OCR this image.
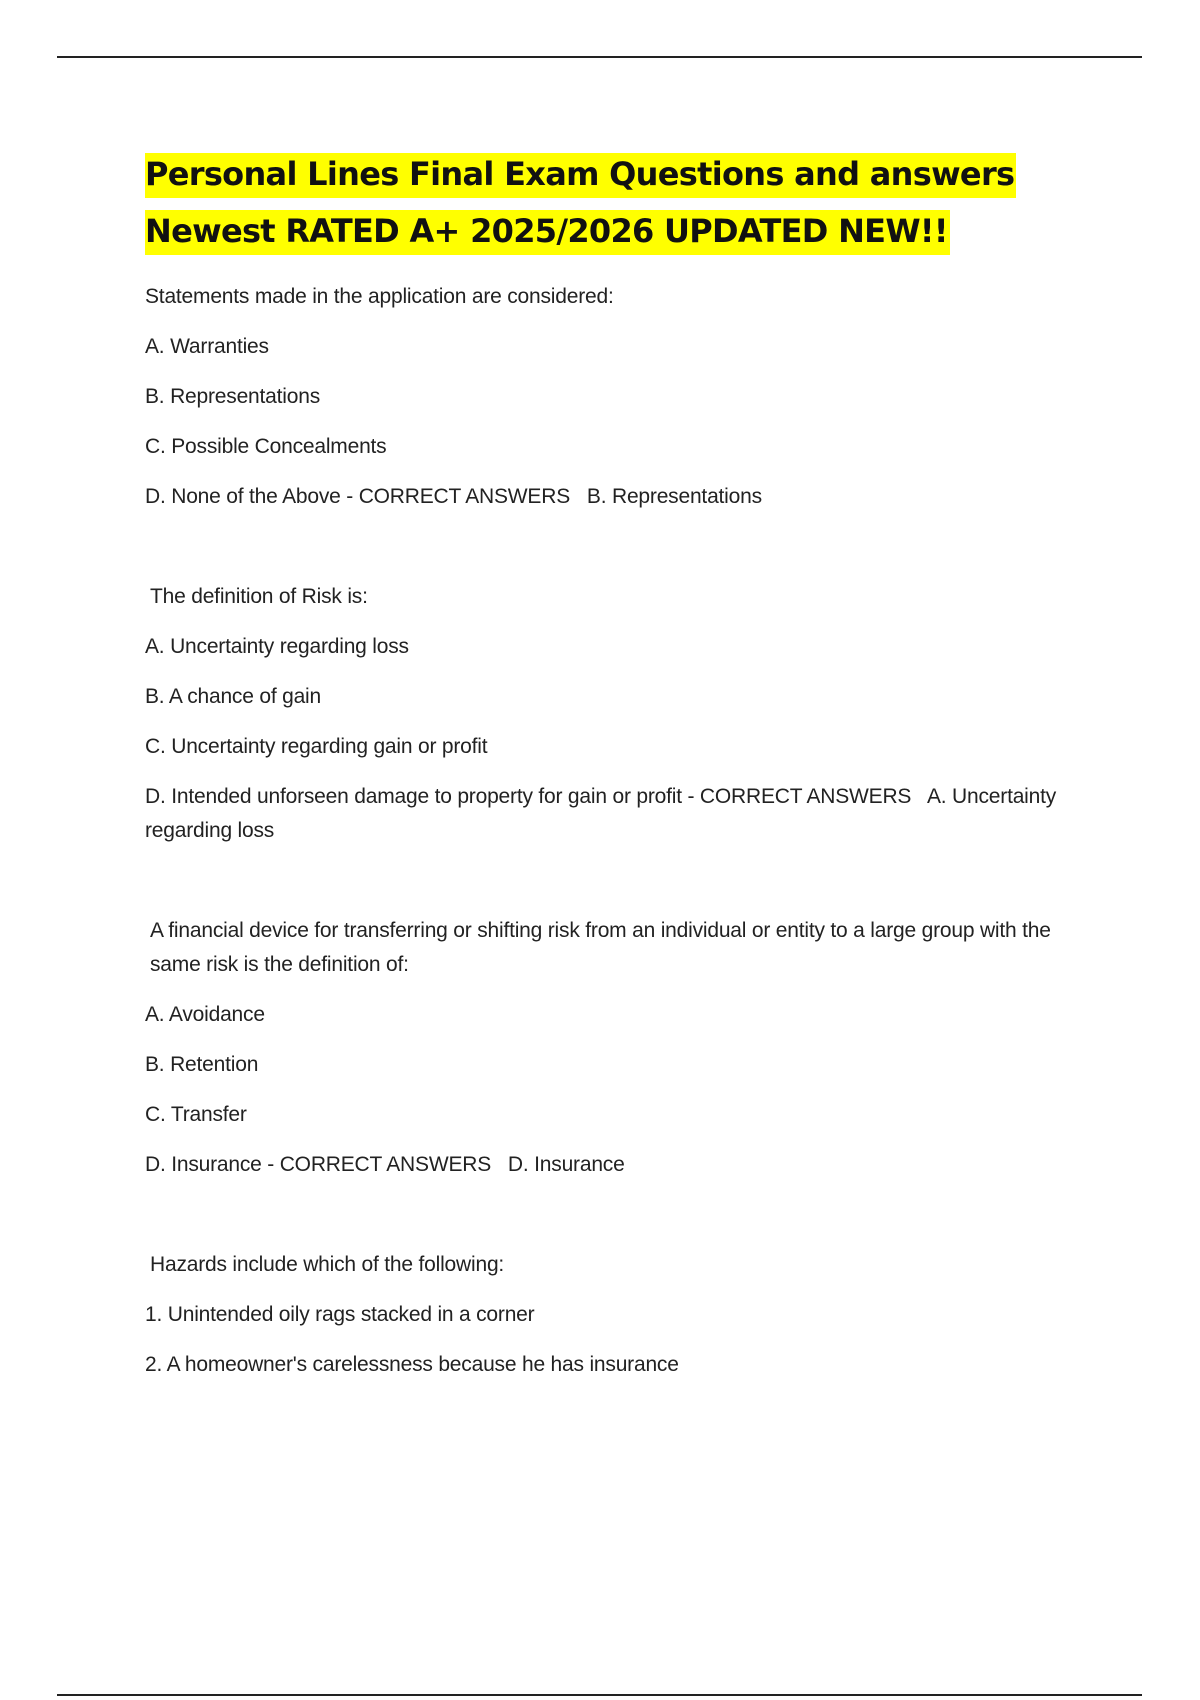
Personal Lines Final Exam Questions and answers
Newest RATED A+ 2025/2026 UPDATED NEW!!

Statements made in the application are considered:

A. Warranties

B. Representations

C. Possible Concealments

D. None of the Above - CORRECT ANSWERS   B. Representations

The definition of Risk is:

A. Uncertainty regarding loss

B. A chance of gain

C. Uncertainty regarding gain or profit

D. Intended unforseen damage to property for gain or profit - CORRECT ANSWERS   A. Uncertainty regarding loss

A financial device for transferring or shifting risk from an individual or entity to a large group with the same risk is the definition of:

A. Avoidance

B. Retention

C. Transfer

D. Insurance - CORRECT ANSWERS   D. Insurance

Hazards include which of the following:

1. Unintended oily rags stacked in a corner

2. A homeowner's carelessness because he has insurance
